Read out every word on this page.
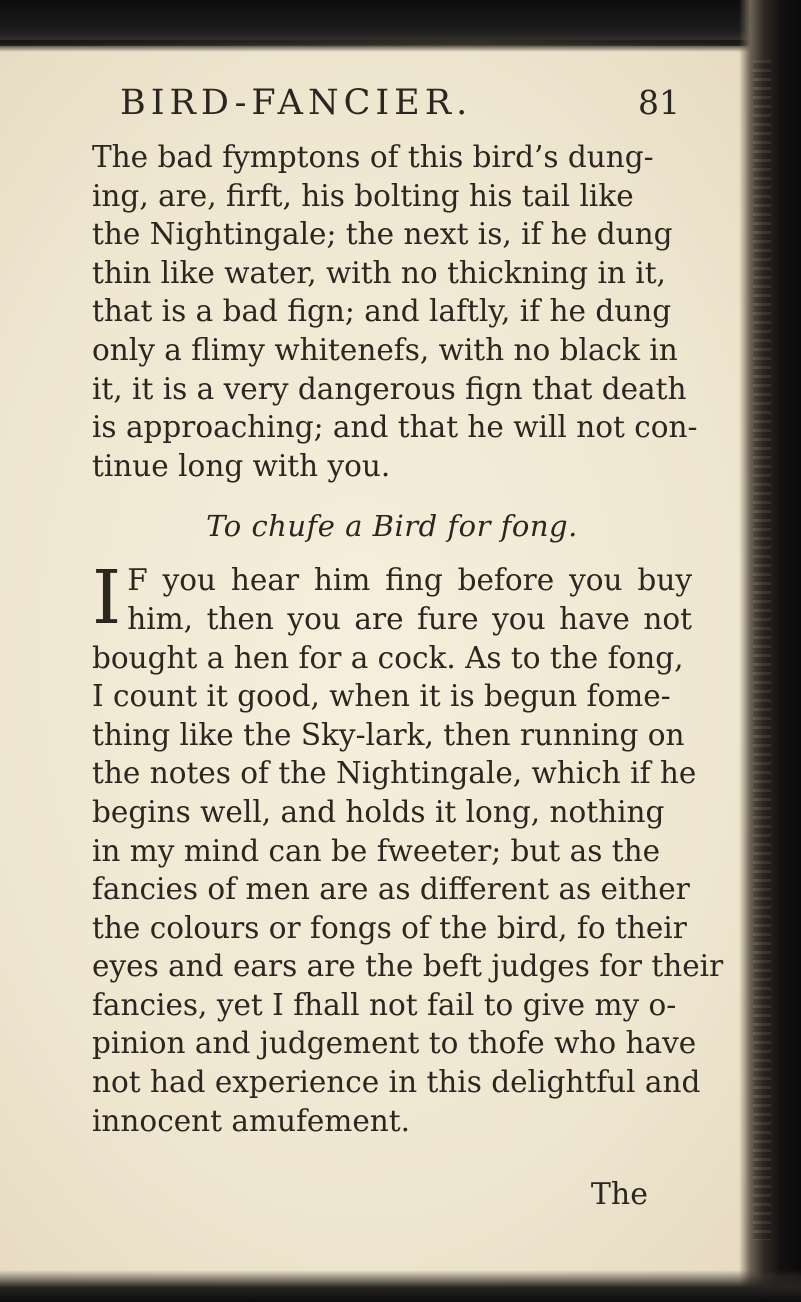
BIRD-FANCIER.	81

The bad fymptons of this bird’s dung-
ing, are, firft, his bolting his tail like
the Nightingale; the next is, if he dung
thin like water, with no thickning in it,
that is a bad fign; and laftly, if he dung
only a flimy whitenefs, with no black in
it, it is a very dangerous fign that death
is approaching; and that he will not con-
tinue long with you.

To chufe a Bird for fong.
I F you hear him fing before you buy
him, then you are fure you have not

bought a hen for a cock. As to the fong,
I count it good, when it is begun fome-
thing like the Sky-lark, then running on
the notes of the Nightingale, which if he
begins well, and holds it long, nothing
in my mind can be fweeter; but as the
fancies of men are as different as either
the colours or fongs of the bird, fo their
eyes and ears are the beft judges for their
fancies, yet I fhall not fail to give my o-
pinion and judgement to thofe who have
not had experience in this delightful and
innocent amufement.

The
